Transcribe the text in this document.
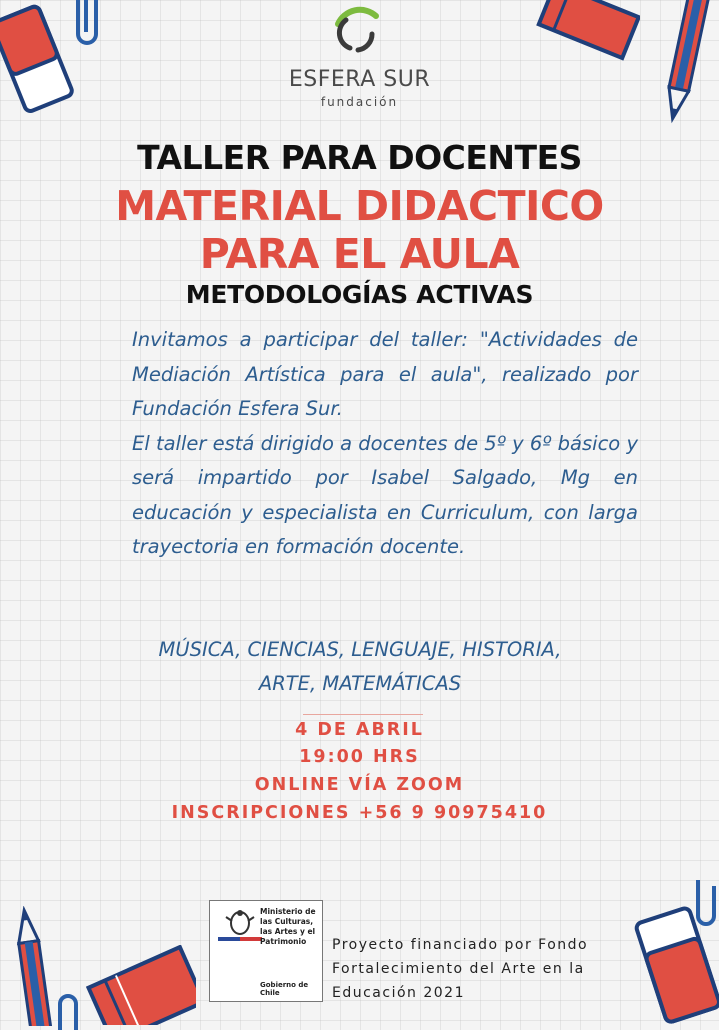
ESFERA SUR
fundación
TALLER PARA DOCENTES
MATERIAL DIDACTICO
PARA EL AULA
METODOLOGÍAS ACTIVAS

Invitamos a participar del taller: "Actividades de Mediación Artística para el aula", realizado por Fundación Esfera Sur.

El taller está dirigido a docentes de 5º y 6º básico y será impartido por Isabel Salgado, Mg en educación y especialista en Curriculum, con larga trayectoria en formación docente.

MÚSICA, CIENCIAS, LENGUAJE, HISTORIA,
ARTE, MATEMÁTICAS
4 DE ABRIL
19:00 HRS
ONLINE VÍA ZOOM
INSCRIPCIONES +56 9 90975410
Ministerio de las Culturas, las Artes y el Patrimonio
Gobierno de Chile
Proyecto financiado por Fondo Fortalecimiento del Arte en la Educación 2021
